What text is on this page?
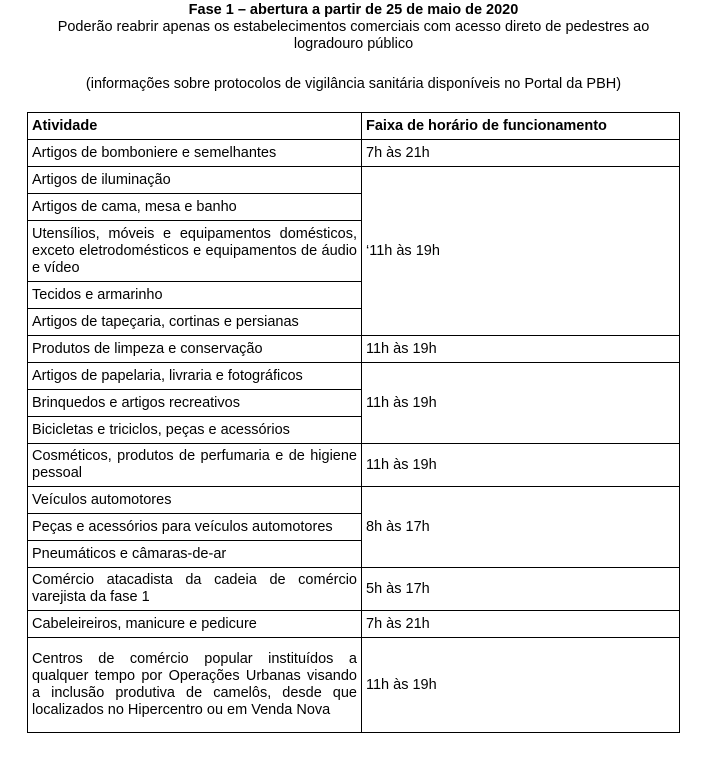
Fase 1 – abertura a partir de 25 de maio de 2020
Poderão reabrir apenas os estabelecimentos comerciais com acesso direto de pedestres ao logradouro público
(informações sobre protocolos de vigilância sanitária disponíveis no Portal da PBH)
Atividade	Faixa de horário de funcionamento
Artigos de bomboniere e semelhantes	7h às 21h
Artigos de iluminação	‘11h às 19h
Artigos de cama, mesa e banho	
Utensílios, móveis e equipamentos domésticos, exceto eletrodomésticos e equipamentos de áudio e vídeo	
Tecidos e armarinho	
Artigos de tapeçaria, cortinas e persianas	
Produtos de limpeza e conservação	11h às 19h
Artigos de papelaria, livraria e fotográficos	11h às 19h
Brinquedos e artigos recreativos	
Bicicletas e triciclos, peças e acessórios	
Cosméticos, produtos de perfumaria e de higiene pessoal	11h às 19h
Veículos automotores	8h às 17h
Peças e acessórios para veículos automotores	
Pneumáticos e câmaras-de-ar	
Comércio atacadista da cadeia de comércio varejista da fase 1	5h às 17h
Cabeleireiros, manicure e pedicure	7h às 21h
Centros de comércio popular instituídos a qualquer tempo por Operações Urbanas visando a inclusão produtiva de camelôs, desde que localizados no Hipercentro ou em Venda Nova	11h às 19h
